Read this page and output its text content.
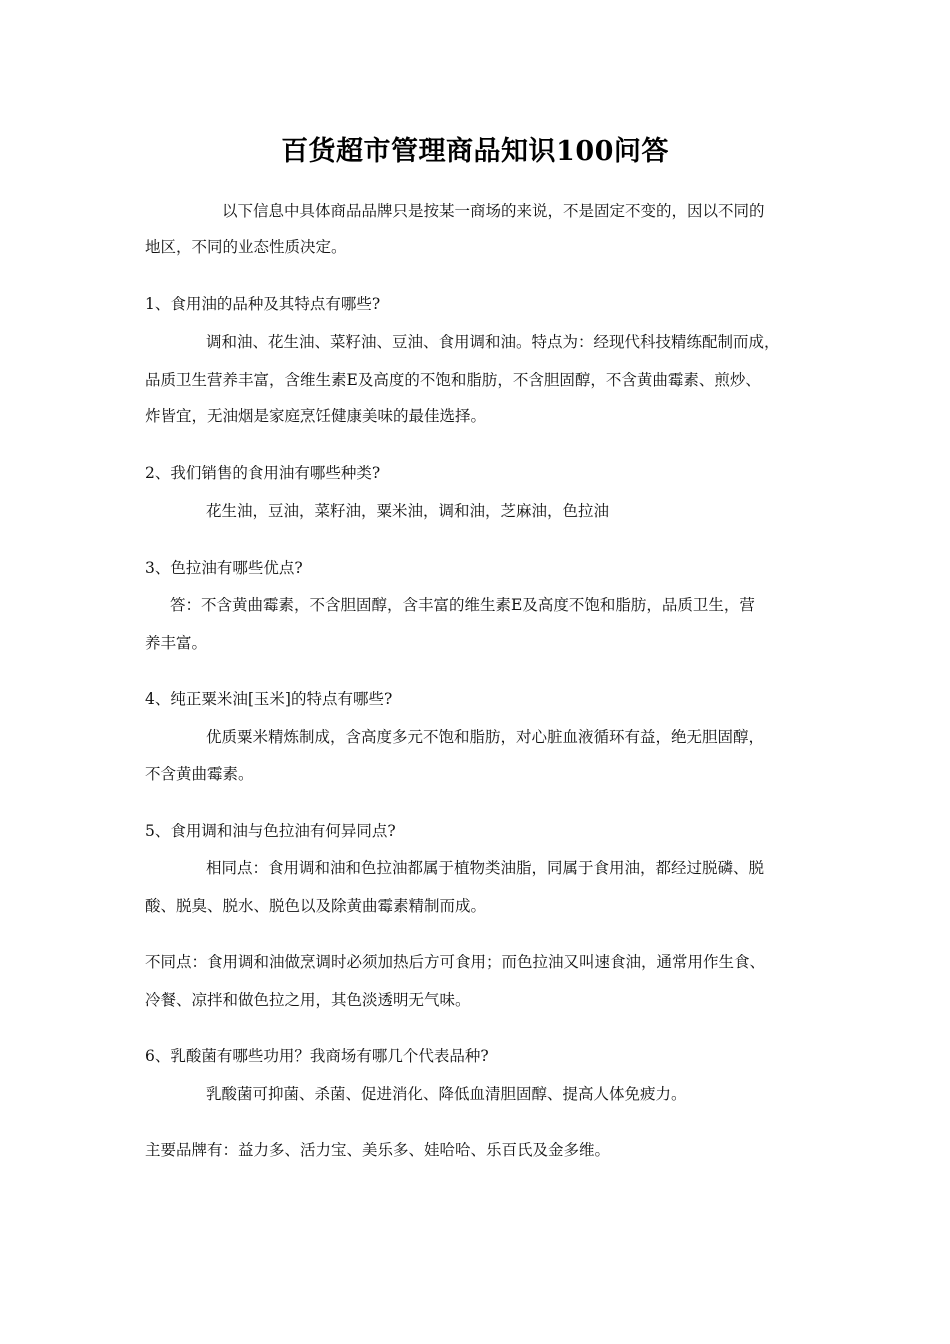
百货超市管理商品知识100问答
以下信息中具体商品品牌只是按某一商场的来说，不是固定不变的，因以不同的
地区，不同的业态性质决定。
1、食用油的品种及其特点有哪些?
调和油、花生油、菜籽油、豆油、食用调和油。特点为：经现代科技精练配制而成，
品质卫生营养丰富，含维生素E及高度的不饱和脂肪，不含胆固醇，不含黄曲霉素、煎炒、
炸皆宜，无油烟是家庭烹饪健康美味的最佳选择。
2、我们销售的食用油有哪些种类?
花生油，豆油，菜籽油，粟米油，调和油，芝麻油，色拉油
3、色拉油有哪些优点?
答：不含黄曲霉素，不含胆固醇，含丰富的维生素E及高度不饱和脂肪，品质卫生，营
养丰富。
4、纯正粟米油[玉米]的特点有哪些?
优质粟米精炼制成，含高度多元不饱和脂肪，对心脏血液循环有益，绝无胆固醇，
不含黄曲霉素。
5、食用调和油与色拉油有何异同点?
相同点：食用调和油和色拉油都属于植物类油脂，同属于食用油，都经过脱磷、脱
酸、脱臭、脱水、脱色以及除黄曲霉素精制而成。
不同点：食用调和油做烹调时必须加热后方可食用；而色拉油又叫速食油，通常用作生食、
冷餐、凉拌和做色拉之用，其色淡透明无气味。
6、乳酸菌有哪些功用？我商场有哪几个代表品种?
乳酸菌可抑菌、杀菌、促进消化、降低血清胆固醇、提高人体免疲力。
主要品牌有：益力多、活力宝、美乐多、娃哈哈、乐百氏及金多维。
